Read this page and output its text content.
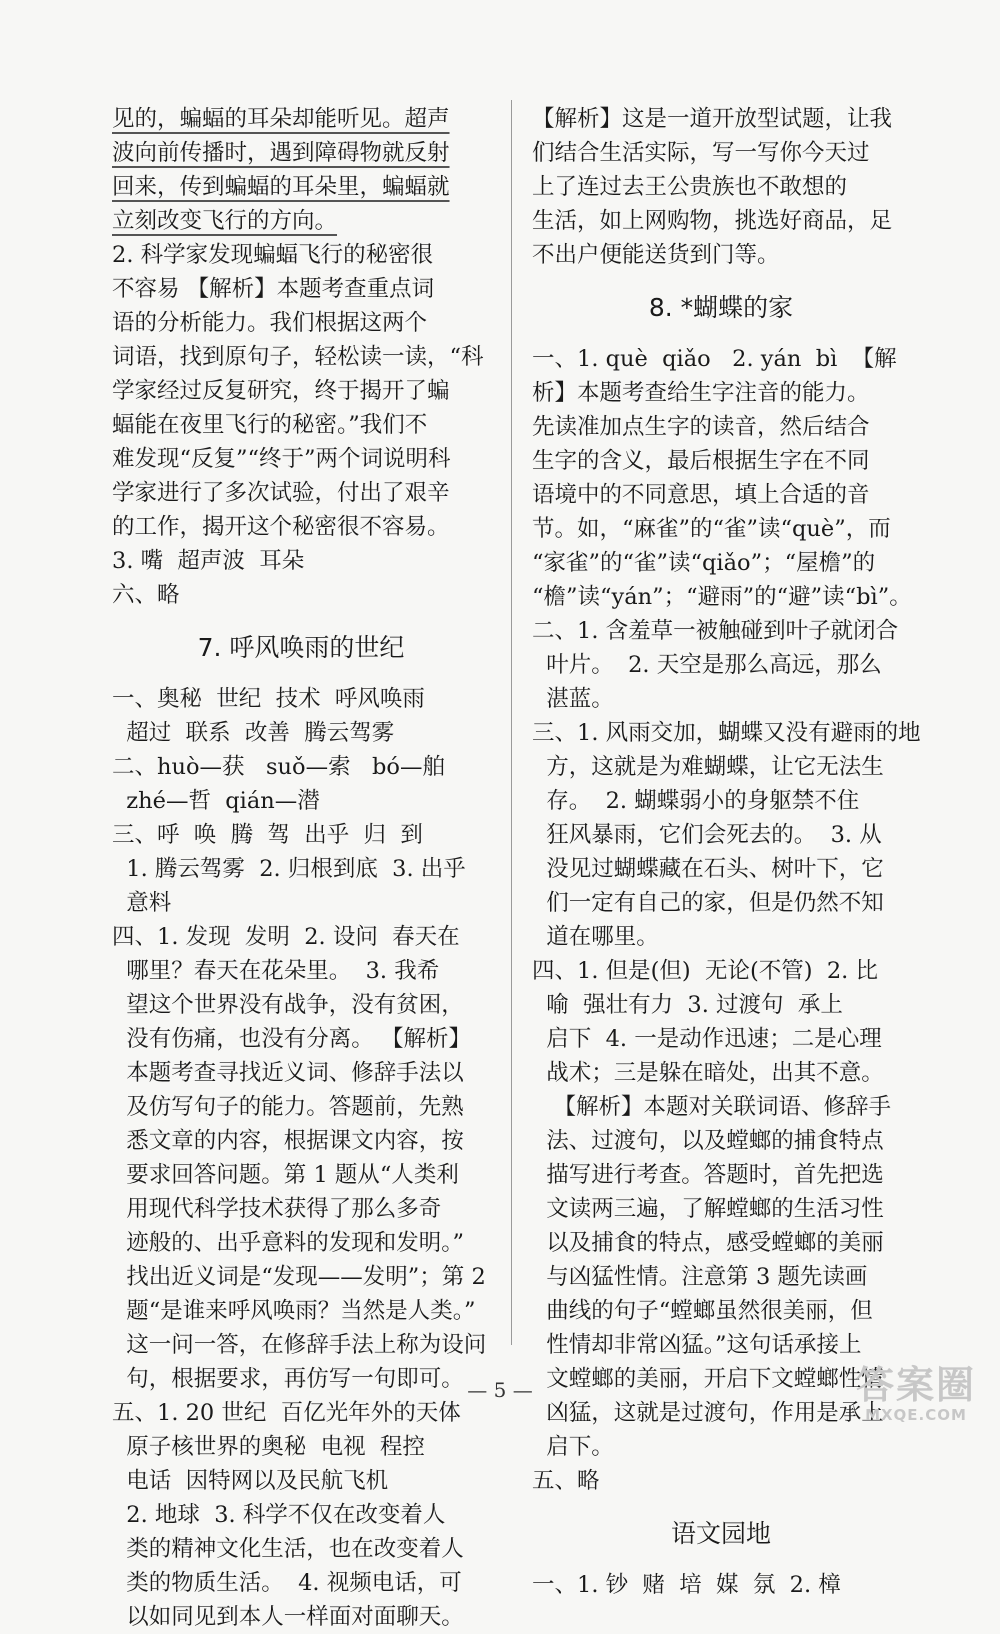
见的，蝙蝠的耳朵却能听见。超声
波向前传播时，遇到障碍物就反射
回来，传到蝙蝠的耳朵里，蝙蝠就
立刻改变飞行的方向。
2. 科学家发现蝙蝠飞行的秘密很
不容易 【解析】本题考查重点词
语的分析能力。我们根据这两个
词语，找到原句子，轻松读一读，“科
学家经过反复研究，终于揭开了蝙
蝠能在夜里飞行的秘密。”我们不
难发现“反复”“终于”两个词说明科
学家进行了多次试验，付出了艰辛
的工作，揭开这个秘密很不容易。
3. 嘴  超声波  耳朵
六、略
7. 呼风唤雨的世纪
一、奥秘  世纪  技术  呼风唤雨
超过  联系  改善  腾云驾雾
二、huò—获   suǒ—索   bó—舶
zhé—哲  qián—潜
三、呼  唤  腾  驾  出乎  归  到
1. 腾云驾雾  2. 归根到底  3. 出乎
意料
四、1. 发现  发明  2. 设问  春天在
哪里？春天在花朵里。  3. 我希
望这个世界没有战争，没有贫困，
没有伤痛，也没有分离。 【解析】
本题考查寻找近义词、修辞手法以
及仿写句子的能力。答题前，先熟
悉文章的内容，根据课文内容，按
要求回答问题。第 1 题从“人类利
用现代科学技术获得了那么多奇
迹般的、出乎意料的发现和发明。”
找出近义词是“发现——发明”；第 2
题“是谁来呼风唤雨？当然是人类。”
这一问一答，在修辞手法上称为设问
句，根据要求，再仿写一句即可。
五、1. 20 世纪  百亿光年外的天体
原子核世界的奥秘  电视  程控
电话  因特网以及民航飞机
2. 地球  3. 科学不仅在改变着人
类的精神文化生活，也在改变着人
类的物质生活。  4. 视频电话，可
以如同见到本人一样面对面聊天。
【解析】这是一道开放型试题，让我
们结合生活实际，写一写你今天过
上了连过去王公贵族也不敢想的
生活，如上网购物，挑选好商品，足
不出户便能送货到门等。
8. *蝴蝶的家
一、1. què  qiǎo   2. yán  bì  【解
析】本题考查给生字注音的能力。
先读准加点生字的读音，然后结合
生字的含义，最后根据生字在不同
语境中的不同意思，填上合适的音
节。如，“麻雀”的“雀”读“què”，而
“家雀”的“雀”读“qiǎo”；“屋檐”的
“檐”读“yán”；“避雨”的“避”读“bì”。
二、1. 含羞草一被触碰到叶子就闭合
叶片。  2. 天空是那么高远，那么
湛蓝。
三、1. 风雨交加，蝴蝶又没有避雨的地
方，这就是为难蝴蝶，让它无法生
存。  2. 蝴蝶弱小的身躯禁不住
狂风暴雨，它们会死去的。  3. 从
没见过蝴蝶藏在石头、树叶下，它
们一定有自己的家，但是仍然不知
道在哪里。
四、1. 但是(但)  无论(不管)  2. 比
喻  强壮有力  3. 过渡句  承上
启下  4. 一是动作迅速；二是心理
战术；三是躲在暗处，出其不意。
【解析】本题对关联词语、修辞手
法、过渡句，以及螳螂的捕食特点
描写进行考查。答题时，首先把选
文读两三遍，了解螳螂的生活习性
以及捕食的特点，感受螳螂的美丽
与凶猛性情。注意第 3 题先读画
曲线的句子“螳螂虽然很美丽，但
性情却非常凶猛。”这句话承接上
文螳螂的美丽，开启下文螳螂性情
凶猛，这就是过渡句，作用是承上
启下。
五、略
语文园地
一、1. 钞  赌  培  媒  氛  2. 樟
— 5 —	答案圈
MXQE.COM
